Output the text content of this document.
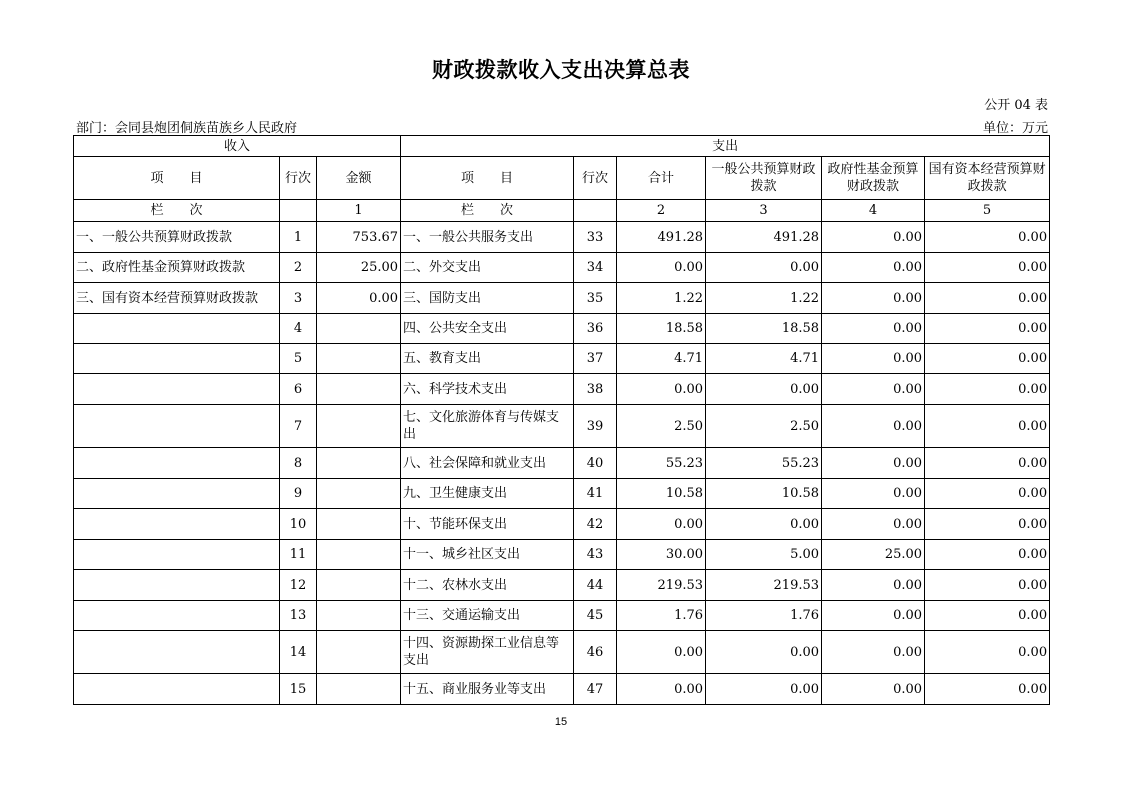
财政拨款收入支出决算总表
公开 04 表
部门：会同县炮团侗族苗族乡人民政府	单位：万元
收入			支出					
项　　目	行次	金额	项　　目	行次	合计	一般公共预算财政拨款	政府性基金预算财政拨款	国有资本经营预算财政拨款
栏　　次		1	栏　　次		2	3	4	5
一、一般公共预算财政拨款	1	753.67	一、一般公共服务支出	33	491.28	491.28	0.00	0.00
二、政府性基金预算财政拨款	2	25.00	二、外交支出	34	0.00	0.00	0.00	0.00
三、国有资本经营预算财政拨款	3	0.00	三、国防支出	35	1.22	1.22	0.00	0.00
	4		四、公共安全支出	36	18.58	18.58	0.00	0.00
	5		五、教育支出	37	4.71	4.71	0.00	0.00
	6		六、科学技术支出	38	0.00	0.00	0.00	0.00
	7		七、文化旅游体育与传媒支出	39	2.50	2.50	0.00	0.00
	8		八、社会保障和就业支出	40	55.23	55.23	0.00	0.00
	9		九、卫生健康支出	41	10.58	10.58	0.00	0.00
	10		十、节能环保支出	42	0.00	0.00	0.00	0.00
	11		十一、城乡社区支出	43	30.00	5.00	25.00	0.00
	12		十二、农林水支出	44	219.53	219.53	0.00	0.00
	13		十三、交通运输支出	45	1.76	1.76	0.00	0.00
	14		十四、资源勘探工业信息等支出	46	0.00	0.00	0.00	0.00
	15		十五、商业服务业等支出	47	0.00	0.00	0.00	0.00
15
